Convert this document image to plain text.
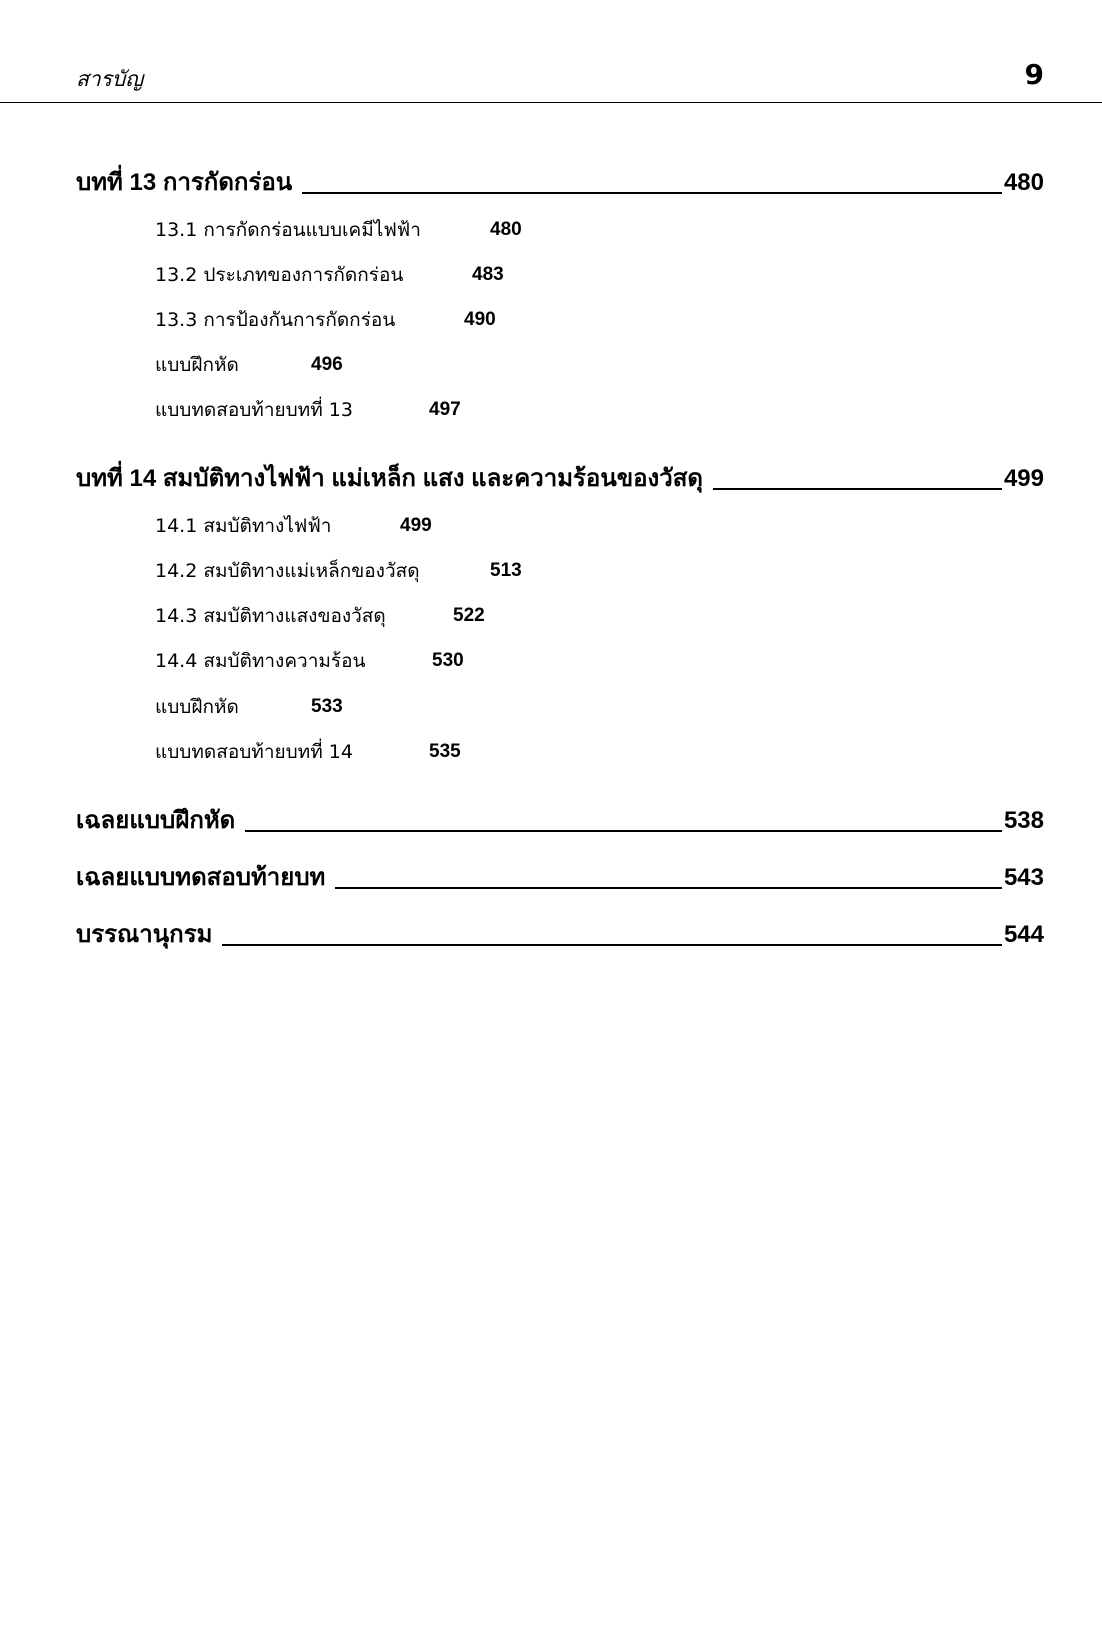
สารบัญ	9
บทที่ 13 การกัดกร่อน	480
13.1 การกัดกร่อนแบบเคมีไฟฟ้า	480
13.2 ประเภทของการกัดกร่อน	483
13.3 การป้องกันการกัดกร่อน	490
แบบฝึกหัด	496
แบบทดสอบท้ายบทที่ 13	497
บทที่ 14 สมบัติทางไฟฟ้า แม่เหล็ก แสง และความร้อนของวัสดุ	499
14.1 สมบัติทางไฟฟ้า	499
14.2 สมบัติทางแม่เหล็กของวัสดุ	513
14.3 สมบัติทางแสงของวัสดุ	522
14.4 สมบัติทางความร้อน	530
แบบฝึกหัด	533
แบบทดสอบท้ายบทที่ 14	535
เฉลยแบบฝึกหัด	538
เฉลยแบบทดสอบท้ายบท	543
บรรณานุกรม	544
